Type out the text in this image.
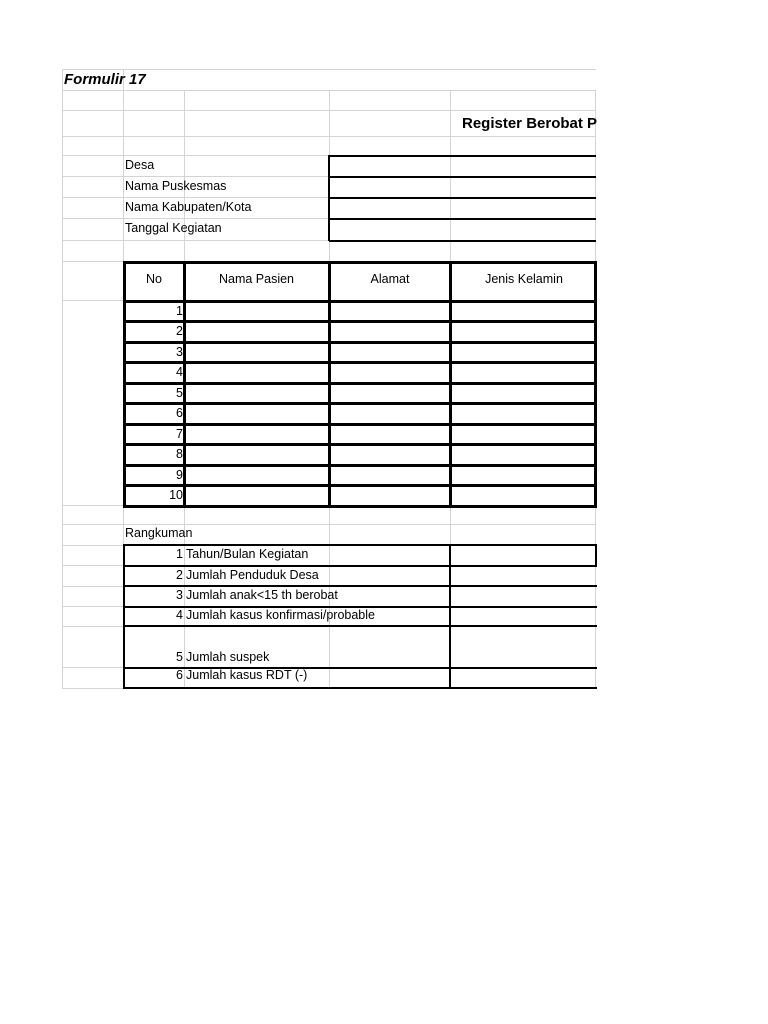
Formulir 17
Register Berobat P
Desa
Nama Puskesmas
Nama Kabupaten/Kota
Tanggal Kegiatan
No	Nama Pasien	Alamat	Jenis Kelamin
1
2
3
4
5
6
7
8
9
10
Rangkuman
1 Tahun/Bulan Kegiatan
2 Jumlah Penduduk Desa
3 Jumlah anak<15 th berobat
4 Jumlah kasus konfirmasi/probable
5 Jumlah suspek
6 Jumlah kasus RDT (-)
